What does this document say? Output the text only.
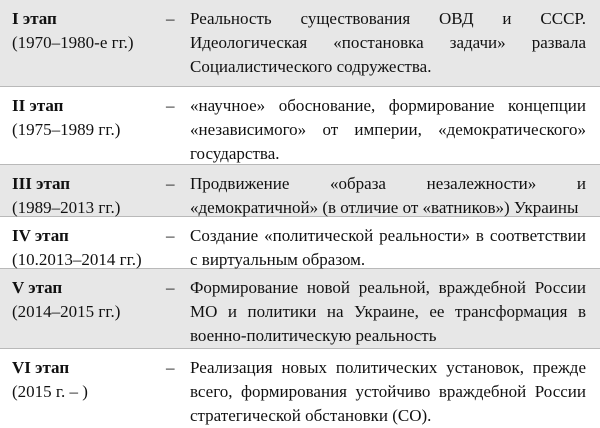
I этап
(1970–1980-е гг.)
– Реальность существования ОВД и СССР. Идеологическая «постановка задачи» развала Социалистического содружества.
II этап
(1975–1989 гг.)
– «научное» обоснование, формирование концепции «независимого» от империи, «демократического» государства.
III этап
(1989–2013 гг.)
– Продвижение «образа незалежности» и «демократичной» (в отличие от «ватников») Украины
IV этап
(10.2013–2014 гг.)
– Создание «политической реальности» в соответствии с виртуальным образом.
V этап
(2014–2015 гг.)
– Формирование новой реальной, враждебной России МО и политики на Украине, ее трансформация в военно-политическую реальность
VI этап
(2015 г. – )
– Реализация новых политических установок, прежде всего, формирования устойчиво враждебной России стратегической обстановки (СО).
